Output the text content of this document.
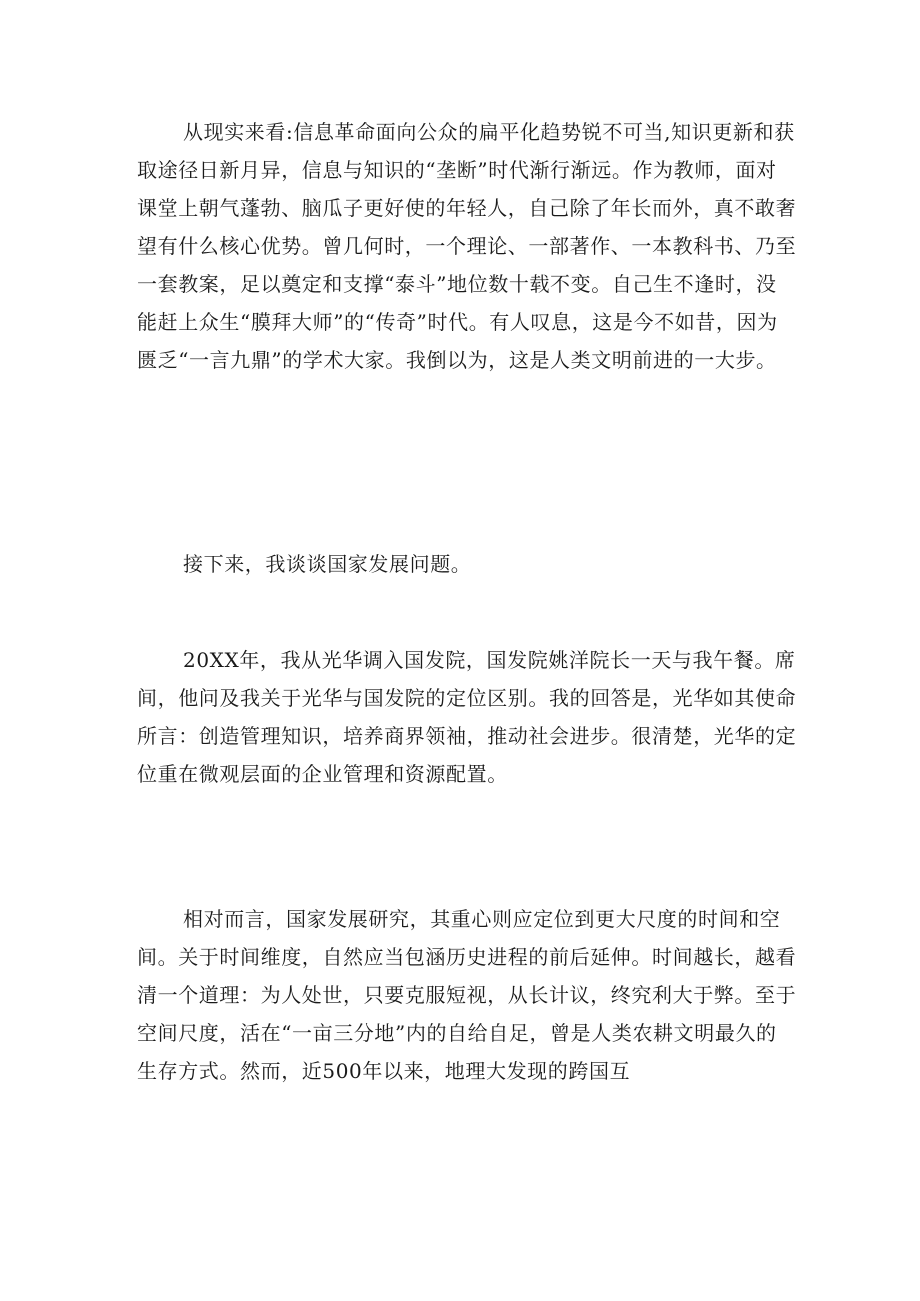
从现实来看:信息革命面向公众的扁平化趋势锐不可当,知识更新和获取途径日新月异，信息与知识的“垄断”时代渐行渐远。作为教师，面对课堂上朝气蓬勃、脑瓜子更好使的年轻人，自己除了年长而外，真不敢奢望有什么核心优势。曾几何时，一个理论、一部著作、一本教科书、乃至一套教案，足以奠定和支撑“泰斗”地位数十载不变。自己生不逢时，没能赶上众生“膜拜大师”的“传奇”时代。有人叹息，这是今不如昔，因为匮乏“一言九鼎”的学术大家。我倒以为，这是人类文明前进的一大步。

接下来，我谈谈国家发展问题。

20XX年，我从光华调入国发院，国发院姚洋院长一天与我午餐。席间，他问及我关于光华与国发院的定位区别。我的回答是，光华如其使命所言：创造管理知识，培养商界领袖，推动社会进步。很清楚，光华的定位重在微观层面的企业管理和资源配置。

相对而言，国家发展研究，其重心则应定位到更大尺度的时间和空间。关于时间维度，自然应当包涵历史进程的前后延伸。时间越长，越看清一个道理：为人处世，只要克服短视，从长计议，终究利大于弊。至于空间尺度，活在“一亩三分地”内的自给自足，曾是人类农耕文明最久的生存方式。然而，近500年以来，地理大发现的跨国互
